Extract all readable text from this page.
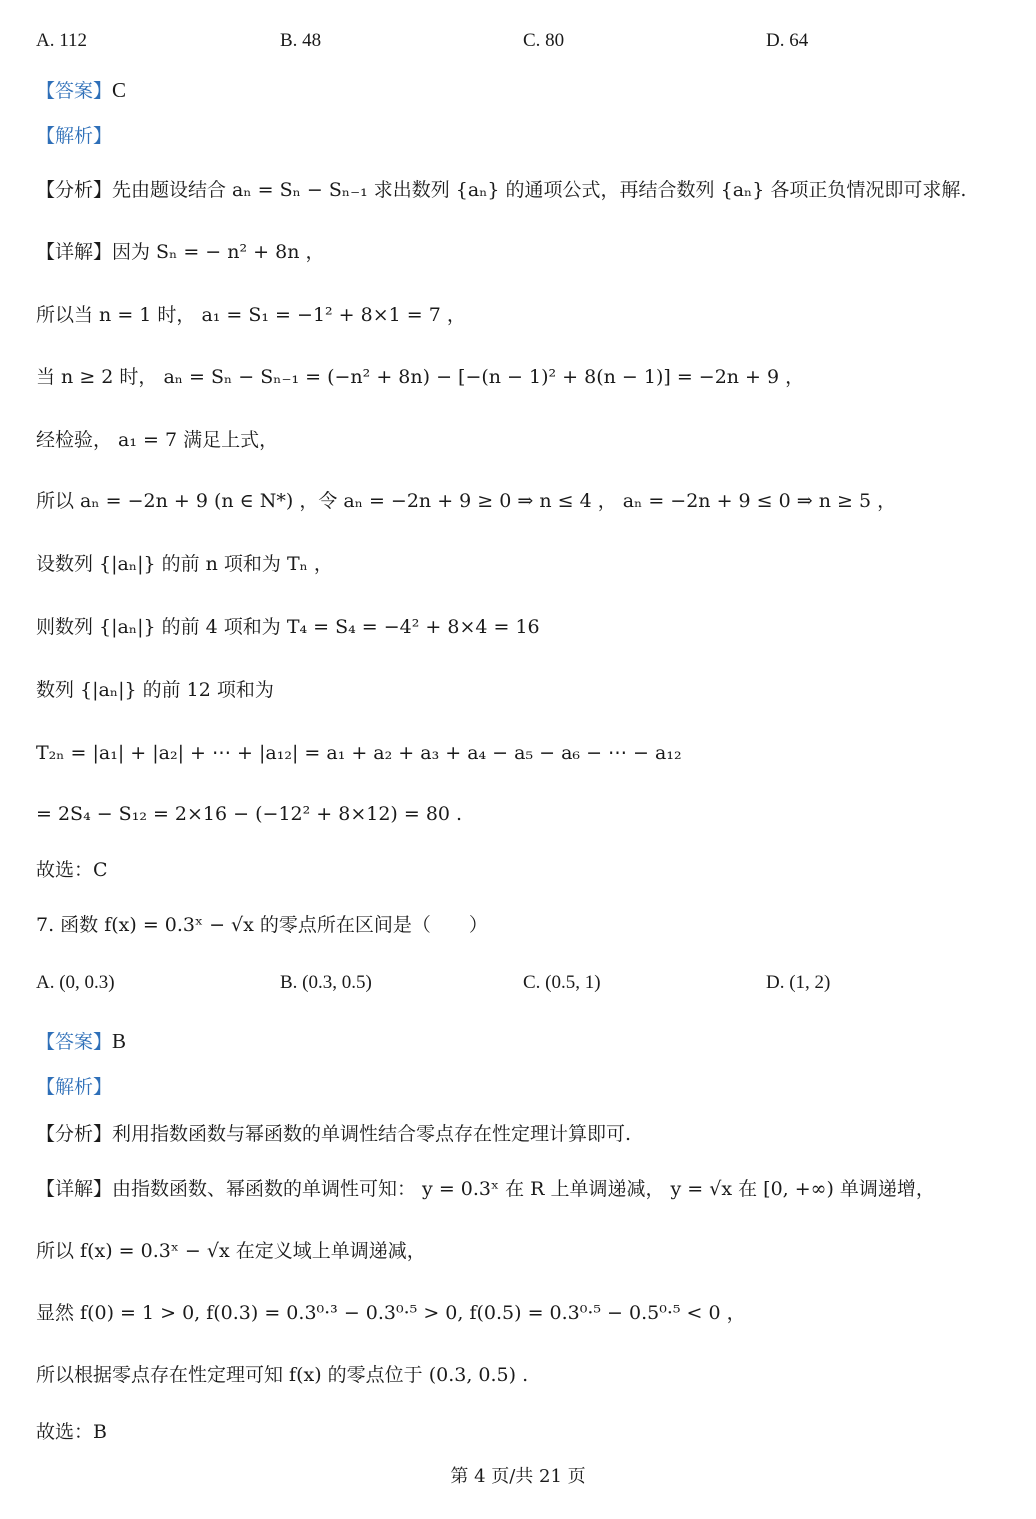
A. 112	B. 48	C. 80	D. 64
【答案】C
【解析】
【分析】先由题设结合 aₙ = Sₙ − Sₙ₋₁ 求出数列 {aₙ} 的通项公式，再结合数列 {aₙ} 各项正负情况即可求解.
【详解】因为 Sₙ = − n² + 8n ，
所以当 n = 1 时， a₁ = S₁ = −1² + 8×1 = 7 ，
当 n ≥ 2 时， aₙ = Sₙ − Sₙ₋₁ = (−n² + 8n) − [−(n − 1)² + 8(n − 1)] = −2n + 9 ，
经检验， a₁ = 7 满足上式，
所以 aₙ = −2n + 9 (n ∈ N*) ，令 aₙ = −2n + 9 ≥ 0 ⇒ n ≤ 4 ， aₙ = −2n + 9 ≤ 0 ⇒ n ≥ 5 ，
设数列 {|aₙ|} 的前 n 项和为 Tₙ ，
则数列 {|aₙ|} 的前 4 项和为 T₄ = S₄ = −4² + 8×4 = 16
数列 {|aₙ|} 的前 12 项和为
T₂ₙ = |a₁| + |a₂| + ⋯ + |a₁₂| = a₁ + a₂ + a₃ + a₄ − a₅ − a₆ − ⋯ − a₁₂
= 2S₄ − S₁₂ = 2×16 − (−12² + 8×12) = 80 .
故选：C
7. 函数 f(x) = 0.3ˣ − √x 的零点所在区间是（　　）
A. (0, 0.3)	B. (0.3, 0.5)	C. (0.5, 1)	D. (1, 2)
【答案】B
【解析】
【分析】利用指数函数与幂函数的单调性结合零点存在性定理计算即可.
【详解】由指数函数、幂函数的单调性可知： y = 0.3ˣ 在 R 上单调递减， y = √x 在 [0, +∞) 单调递增，
所以 f(x) = 0.3ˣ − √x 在定义域上单调递减，
显然 f(0) = 1 > 0, f(0.3) = 0.3⁰·³ − 0.3⁰·⁵ > 0, f(0.5) = 0.3⁰·⁵ − 0.5⁰·⁵ < 0 ，
所以根据零点存在性定理可知 f(x) 的零点位于 (0.3, 0.5) .
故选：B
第 4 页/共 21 页
